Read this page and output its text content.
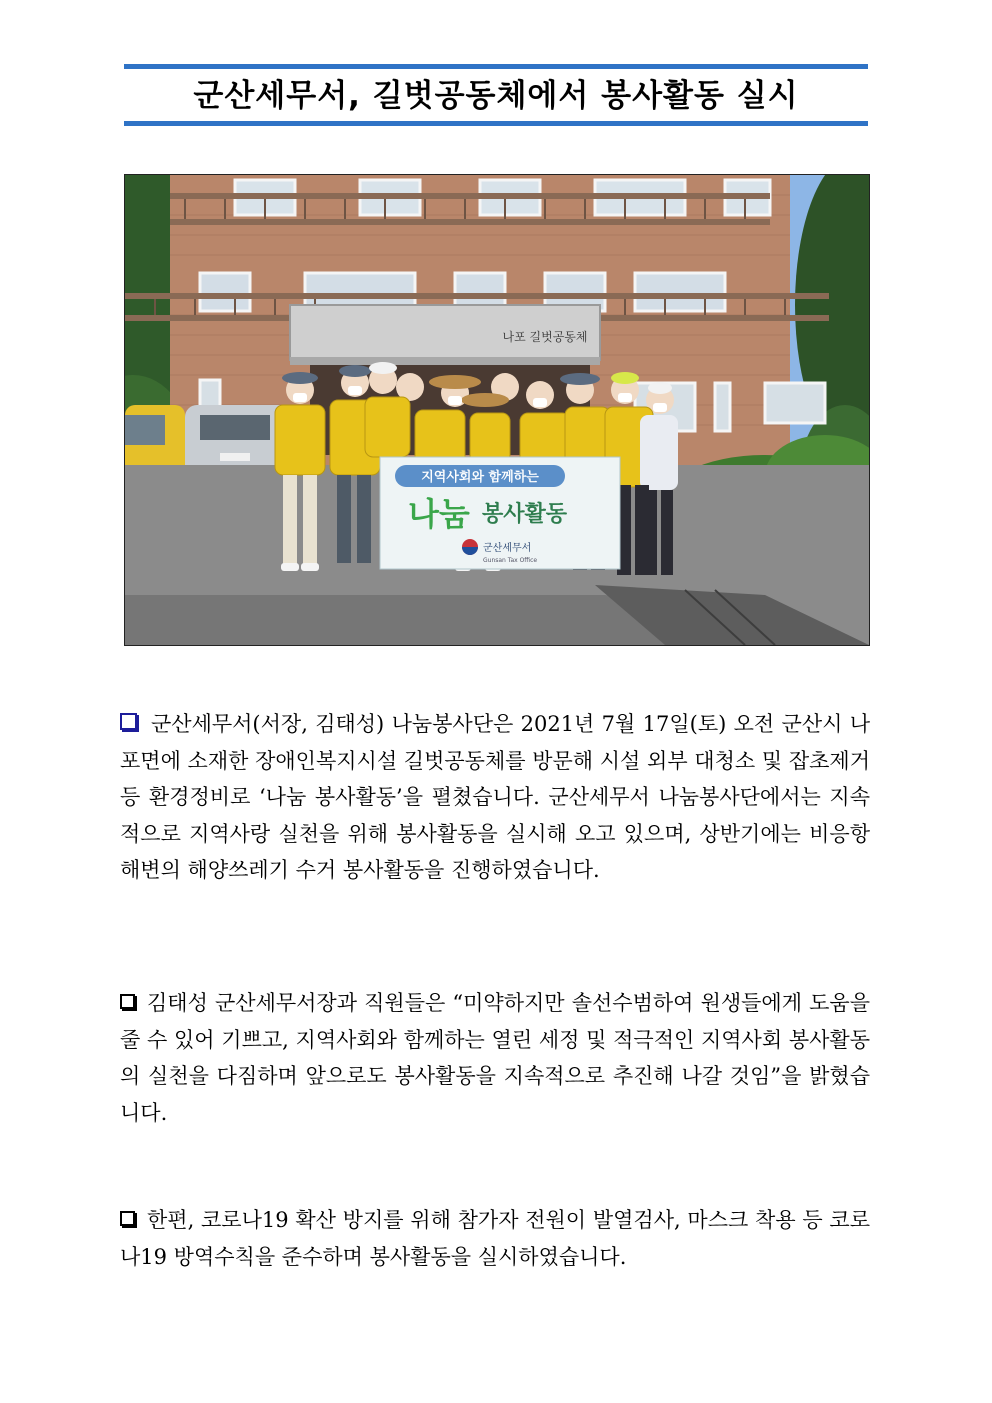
군산세무서, 길벗공동체에서 봉사활동 실시
나포 길벗공동체
지역사회와 함께하는
나눔 봉사활동
군산세무서
Gunsan Tax Office
군산세무서(서장, 김태성) 나눔봉사단은 2021년 7월 17일(토) 오전 군산시 나포면에 소재한 장애인복지시설 길벗공동체를 방문해 시설 외부 대청소 및 잡초제거 등 환경정비로 ‘나눔 봉사활동’을 펼쳤습니다. 군산세무서 나눔봉사단에서는 지속적으로 지역사랑 실천을 위해 봉사활동을 실시해 오고 있으며, 상반기에는 비응항 해변의 해양쓰레기 수거 봉사활동을 진행하였습니다.
김태성 군산세무서장과 직원들은 “미약하지만 솔선수범하여 원생들에게 도움을 줄 수 있어 기쁘고, 지역사회와 함께하는 열린 세정 및 적극적인 지역사회 봉사활동의 실천을 다짐하며 앞으로도 봉사활동을 지속적으로 추진해 나갈 것임”을 밝혔습니다.
한편, 코로나19 확산 방지를 위해 참가자 전원이 발열검사, 마스크 착용 등 코로나19 방역수칙을 준수하며 봉사활동을 실시하였습니다.
